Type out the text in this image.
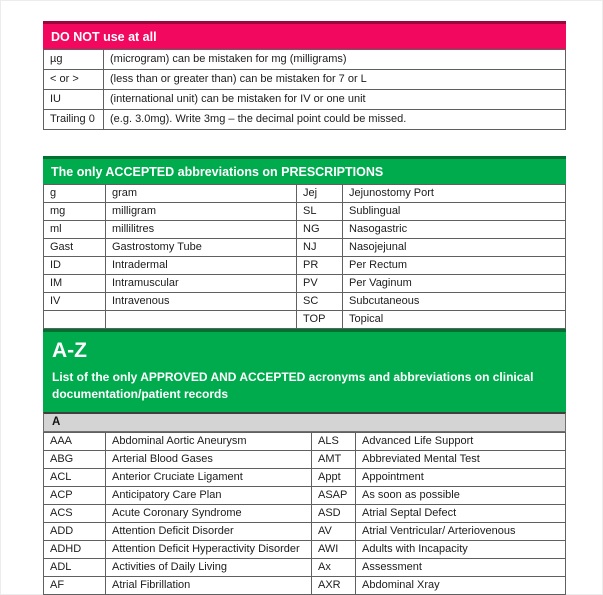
DO NOT use at all
µg	(microgram) can be mistaken for mg (milligrams)
< or >	(less than or greater than) can be mistaken for 7 or L
IU	(international unit) can be mistaken for IV or one unit
Trailing 0	(e.g. 3.0mg). Write 3mg – the decimal point could be missed.
The only ACCEPTED abbreviations on PRESCRIPTIONS
g	gram	Jej	Jejunostomy Port
mg	milligram	SL	Sublingual
ml	millilitres	NG	Nasogastric
Gast	Gastrostomy Tube	NJ	Nasojejunal
ID	Intradermal	PR	Per Rectum
IM	Intramuscular	PV	Per Vaginum
IV	Intravenous	SC	Subcutaneous
		TOP	Topical
A-Z
List of the only APPROVED AND ACCEPTED acronyms and abbreviations on clinical documentation/patient records
A
AAA	Abdominal Aortic Aneurysm	ALS	Advanced Life Support
ABG	Arterial Blood Gases	AMT	Abbreviated Mental Test
ACL	Anterior Cruciate Ligament	Appt	Appointment
ACP	Anticipatory Care Plan	ASAP	As soon as possible
ACS	Acute Coronary Syndrome	ASD	Atrial Septal Defect
ADD	Attention Deficit Disorder	AV	Atrial Ventricular/ Arteriovenous
ADHD	Attention Deficit Hyperactivity Disorder	AWI	Adults with Incapacity
ADL	Activities of Daily Living	Ax	Assessment
AF	Atrial Fibrillation	AXR	Abdominal Xray
